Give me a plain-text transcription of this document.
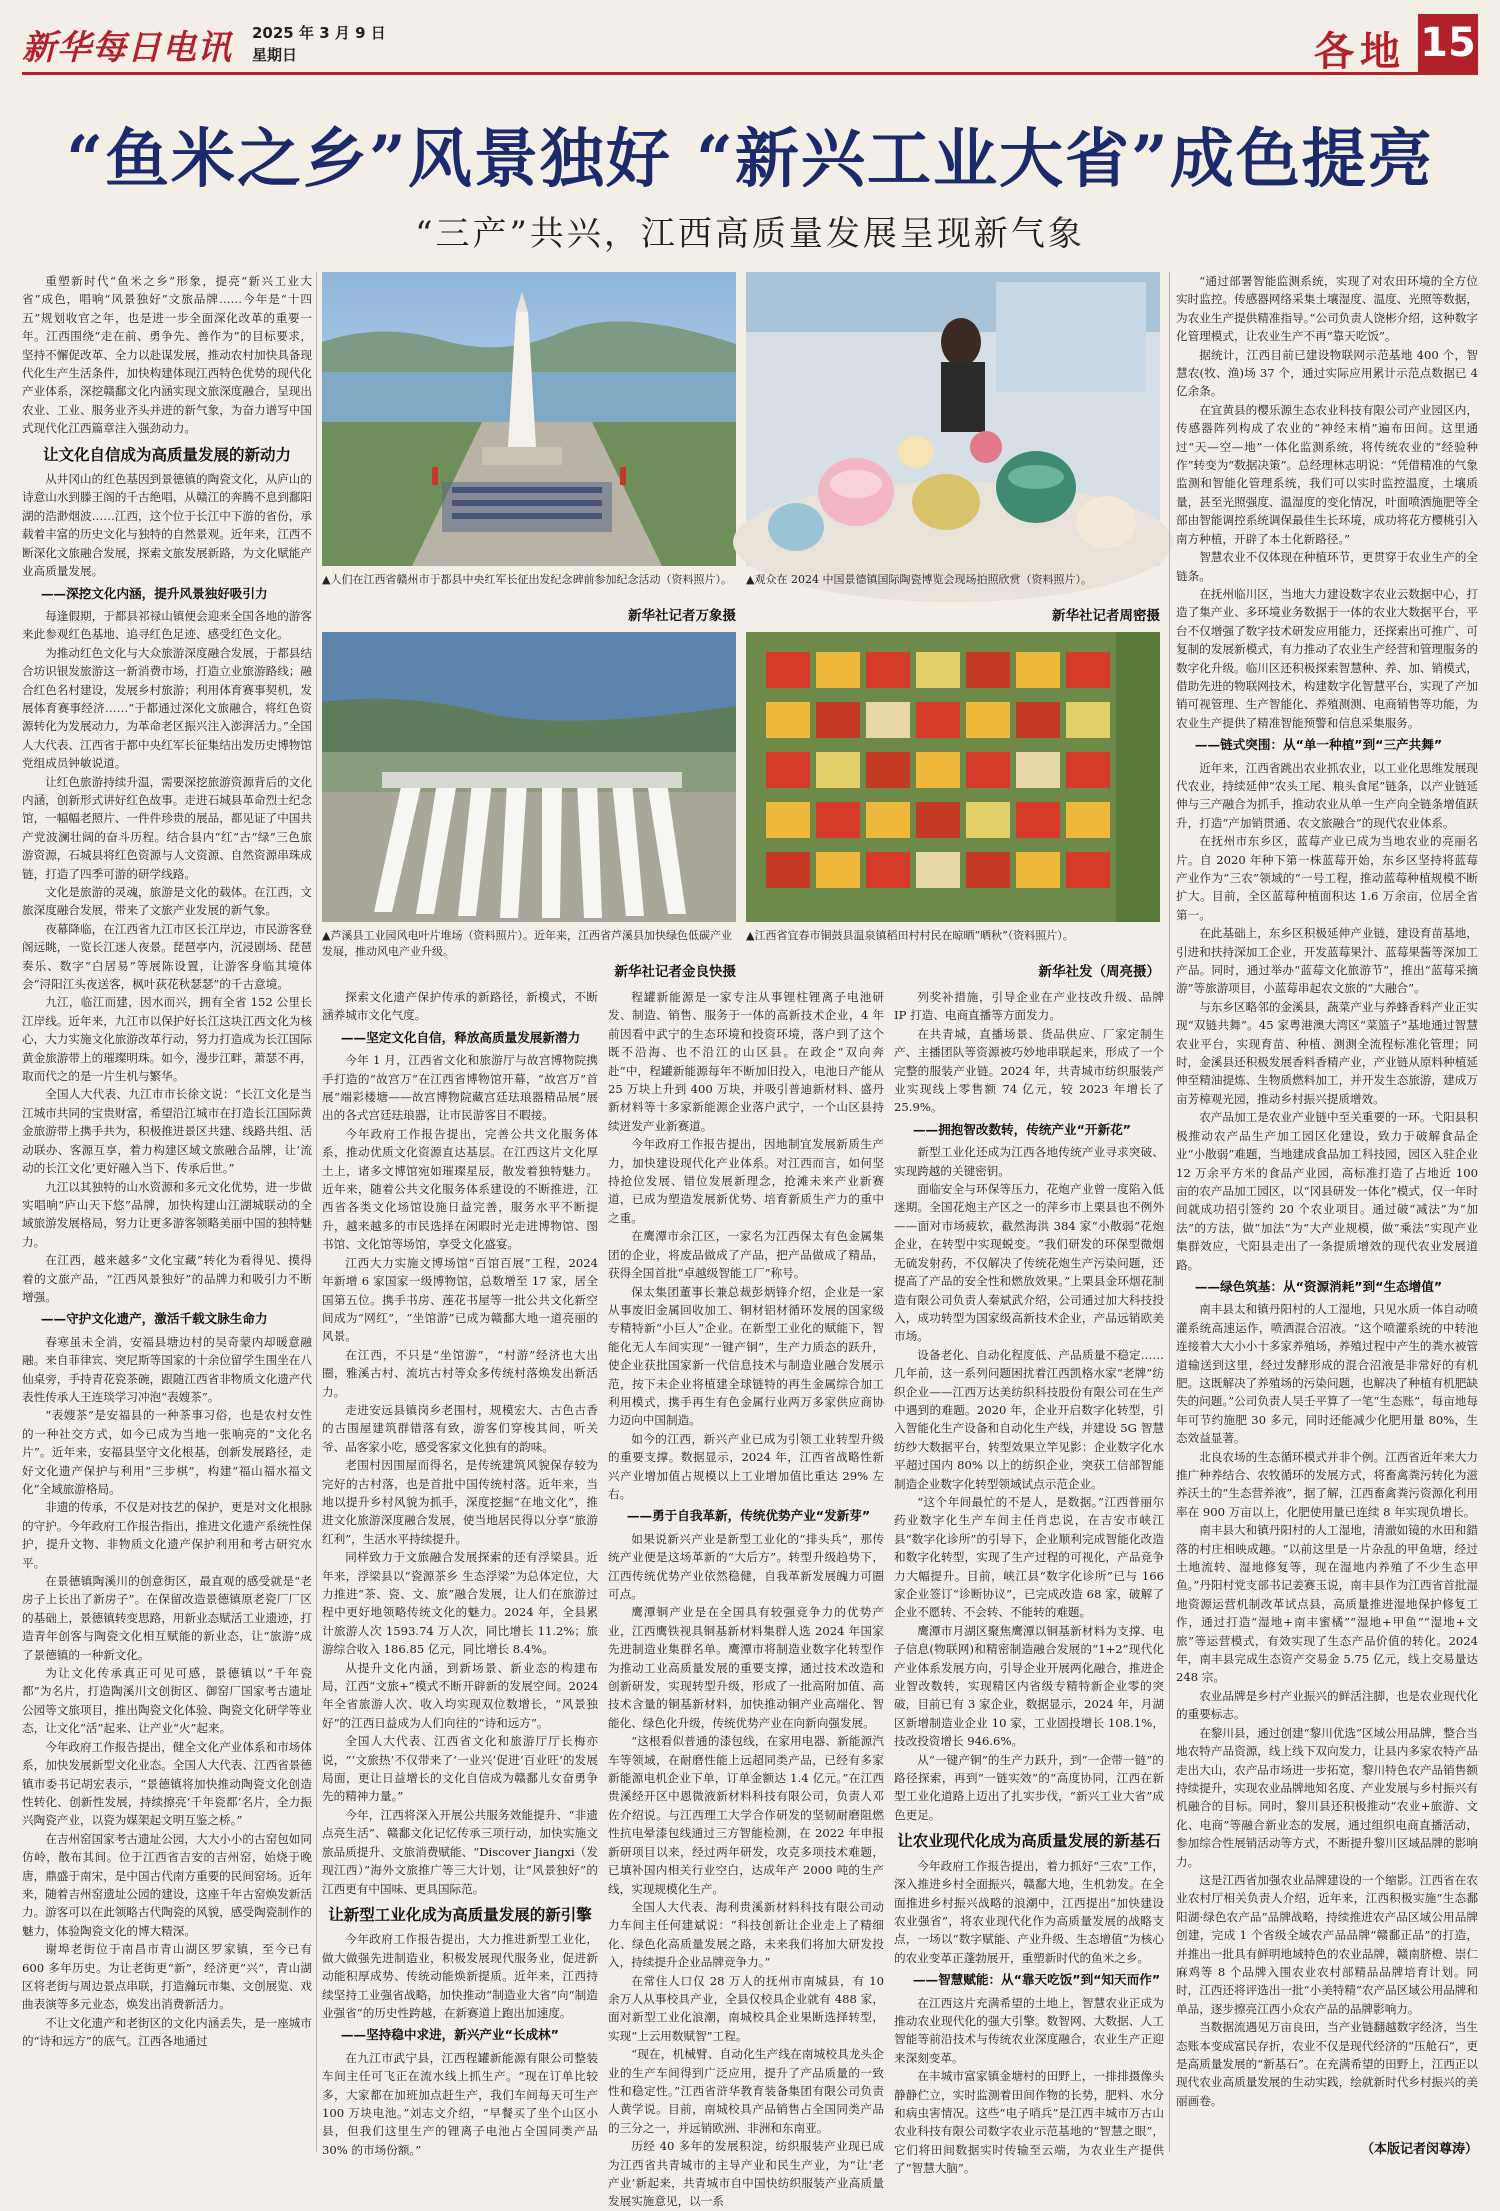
新华每日电讯 2025 年 3 月 9 日
星期日	各地 15
“鱼米之乡”风景独好 “新兴工业大省”成色提亮
“三产”共兴，江西高质量发展呈现新气象

重塑新时代“鱼米之乡”形象，提亮“新兴工业大省”成色，唱响“风景独好”文旅品牌……今年是“十四五”规划收官之年，也是进一步全面深化改革的重要一年。江西围绕“走在前、勇争先、善作为”的目标要求，坚持不懈促改革、全力以赴谋发展，推动农村加快具备现代化生产生活条件，加快构建体现江西特色优势的现代化产业体系，深挖赣鄱文化内涵实现文旅深度融合，呈现出农业、工业、服务业齐头并进的新气象，为奋力谱写中国式现代化江西篇章注入强劲动力。

让文化自信成为高质量发展的新动力

从井冈山的红色基因到景德镇的陶瓷文化，从庐山的诗意山水到滕王阁的千古绝唱，从赣江的奔腾不息到鄱阳湖的浩渺烟波……江西，这个位于长江中下游的省份，承载着丰富的历史文化与独特的自然景观。近年来，江西不断深化文旅融合发展，探索文旅发展新路，为文化赋能产业高质量发展。

——深挖文化内涵，提升风景独好吸引力

每逢假期，于都县祁禄山镇便会迎来全国各地的游客来此参观红色基地、追寻红色足迹、感受红色文化。

为推动红色文化与大众旅游深度融合发展，于都县结合坊识银发旅游这一新消费市场，打造立业旅游路线；融合红色名村建设，发展乡村旅游；利用体育赛事契机，发展体育赛事经济……“于都通过深化文旅融合，将红色资源转化为发展动力，为革命老区振兴注入澎湃活力。”全国人大代表、江西省于都中央红军长征集结出发历史博物馆党组成员钟敏说道。

让红色旅游持续升温，需要深挖旅游资源背后的文化内涵，创新形式讲好红色故事。走进石城县革命烈士纪念馆，一幅幅老照片、一件件珍贵的展品，都见证了中国共产党波澜壮阔的奋斗历程。结合县内“红”古“绿”三色旅游资源，石城县将红色资源与人文资源、自然资源串珠成链，打造了四季可游的研学线路。

文化是旅游的灵魂，旅游是文化的载体。在江西，文旅深度融合发展，带来了文旅产业发展的新气象。

夜幕降临，在江西省九江市区长江岸边，市民游客登阁远眺，一览长江迷人夜景。琵琶亭内，沉浸剧场、琵琶奏乐、数字“白居易”等展陈设置，让游客身临其境体会“浔阳江头夜送客，枫叶荻花秋瑟瑟”的千古意境。

九江，临江而建，因水而兴，拥有全省 152 公里长江岸线。近年来，九江市以保护好长江这块江西文化为核心，大力实施文化旅游改革行动，努力打造成为长江国际黄金旅游带上的璀璨明珠。如今，漫步江畔，萧瑟不再，取而代之的是一片生机与繁华。

全国人大代表、九江市市长徐文说：“长江文化是当江城市共同的宝贵财富，希望沿江城市在打造长江国际黄金旅游带上携手共为，积极推进景区共建、线路共组、活动联办、客源互享，着力构建区域文旅融合品牌，让‘流动的长江文化’更好融入当下、传承后世。”

九江以其独特的山水资源和多元文化优势，进一步做实唱响“庐山天下悠”品牌，加快构建山江湖城联动的全域旅游发展格局，努力让更多游客领略美丽中国的独特魅力。

在江西，越来越多“文化宝藏”转化为看得见、摸得着的文旅产品，“江西风景独好”的品牌力和吸引力不断增强。

——守护文化遗产，激活千载文脉生命力

春寒虽未全消，安福县塘边村的吴奇蒙内却暖意融融。来自菲律宾、突尼斯等国家的十余位留学生围坐在八仙桌旁，手持青花瓷茶碗，跟随江西省非物质文化遗产代表性传承人王连琰学习冲泡“表嫂茶”。

“表嫂茶”是安福县的一种茶事习俗，也是农村女性的一种社交方式，如今已成为当地一张响亮的“文化名片”。近年来，安福县坚守文化根基，创新发展路径，走好文化遗产保护与利用“三步棋”，构建“福山福水福文化”全域旅游格局。

非遗的传承，不仅是对技艺的保护，更是对文化根脉的守护。今年政府工作报告指出，推进文化遗产系统性保护，提升文物、非物质文化遗产保护利用和考古研究水平。

在景德镇陶溪川的创意街区，最直观的感受就是“老房子上长出了新房子”。在保留改造景德镇原老瓷厂厂区的基础上，景德镇转变思路，用新业态赋活工业遗迹，打造青年创客与陶瓷文化相互赋能的新业态，让“旅游”成了景德镇的一种新文化。

为让文化传承真正可见可感，景德镇以“千年瓷都”为名片，打造陶溪川文创街区、御窑厂国家考古遗址公园等文旅项目，推出陶瓷文化体验、陶瓷文化研学等业态，让文化“活”起来、让产业“火”起来。

今年政府工作报告提出，健全文化产业体系和市场体系，加快发展新型文化业态。全国人大代表、江西省景德镇市委书记胡宏表示，“景德镇将加快推动陶瓷文化创造性转化、创新性发展，持续擦亮‘千年瓷都’名片，全力振兴陶瓷产业，以瓷为媒架起文明互鉴之桥。”

在吉州窑国家考古遗址公园，大大小小的古窑包如同仿岭，散布其间。位于江西省吉安的吉州窑，始烧于晚唐，鼎盛于南宋，是中国古代南方重要的民间窑场。近年来，随着吉州窑遗址公园的建设，这座千年古窑焕发新活力。游客可以在此领略古代陶瓷的风貌，感受陶瓷制作的魅力，体验陶瓷文化的博大精深。

谢埠老街位于南昌市青山湖区罗家镇，至今已有 600 多年历史。为让老街更“新”，经济更“兴”，青山湖区将老街与周边景点串联，打造瀚玩市集、文创展览、戏曲表演等多元业态，焕发出消费新活力。

不让文化遗产和老街区的文化内涵丢失，是一座城市的“诗和远方”的底气。江西各地通过

▲人们在江西省赣州市于都县中央红军长征出发纪念碑前参加纪念活动（资料照片）。
新华社记者万象摄
▲观众在 2024 中国景德镇国际陶瓷博览会现场拍照欣赏（资料照片）。
新华社记者周密摄
▲芦溪县工业园风电叶片堆场（资料照片）。近年来，江西省芦溪县加快绿色低碳产业发展，推动风电产业升级。
新华社记者金良快摄
▲江西省宜春市铜鼓县温泉镇稻田村村民在晾晒“晒秋”（资料照片）。
新华社发（周亮摄）

探索文化遗产保护传承的新路径，新模式，不断涵养城市文化气度。

——坚定文化自信，释放高质量发展新潜力

今年 1 月，江西省文化和旅游厅与故宫博物院携手打造的“故宫万”在江西省博物馆开幕，“故宫万”首展“端彩楼塘——故宫博物院藏宫廷珐琅器精品展”展出的各式宫廷珐琅器，让市民游客目不暇接。

今年政府工作报告提出，完善公共文化服务体系，推动优质文化资源直达基层。在江西这片文化厚土上，诸多文博馆宛如璀璨星辰，散发着独特魅力。近年来，随着公共文化服务体系建设的不断推进，江西省各类文化场馆设施日益完善，服务水平不断提升，越来越多的市民选择在闲暇时光走进博物馆、图书馆、文化馆等场馆，享受文化盛宴。

江西大力实施文博场馆“百馆百展”工程，2024 年新增 6 家国家一级博物馆，总数增至 17 家，居全国第五位。携手书房、莲花书屋等一批公共文化新空间成为“网红”，“坐馆游”已成为赣鄱大地一道亮丽的风景。

在江西，不只是“坐馆游”，“村游”经济也大出圈，雅溪古村、流坑古村等众多传统村落焕发出新活力。

走进安远县镇岗乡老围村，规模宏大、古色古香的古围屋建筑群错落有致，游客们穿梭其间，听关爷、品客家小吃，感受客家文化独有的韵味。

老围村因围屋而得名，是传统建筑风貌保存较为完好的古村落，也是首批中国传统村落。近年来，当地以提升乡村风貌为抓手，深度挖掘“在地文化”，推进文化旅游深度融合发展，使当地居民得以分享“旅游红利”，生活水平持续提升。

同样致力于文旅融合发展探索的还有浮梁县。近年来，浮梁县以“瓷源茶乡 生态浮梁”为总体定位，大力推进“茶、瓷、文、旅”融合发展，让人们在旅游过程中更好地领略传统文化的魅力。2024 年，全县累计旅游人次 1593.74 万人次，同比增长 11.2%；旅游综合收入 186.85 亿元，同比增长 8.4%。

从提升文化内涵，到新场景、新业态的构建布局，江西“文旅+”模式不断开辟新的发展空间。2024 年全省旅游人次、收入均实现双位数增长，“风景独好”的江西日益成为人们向往的“诗和远方”。

全国人大代表、江西省文化和旅游厅厅长梅亦说，“‘文旅热’不仅带来了‘一业兴’促进‘百业旺’的发展局面，更让日益增长的文化自信成为赣鄱儿女奋勇争先的精神力量。”

今年，江西将深入开展公共服务效能提升、“非遗点亮生活”、赣鄱文化记忆传承三项行动，加快实施文旅品质提升、文旅消费赋能、“Discover Jiangxi（发现江西）”海外文旅推广等三大计划，让“风景独好”的江西更有中国味、更具国际范。

让新型工业化成为高质量发展的新引擎

今年政府工作报告提出，大力推进新型工业化，做大做强先进制造业，积极发展现代服务业，促进新动能积厚成势、传统动能焕新提质。近年来，江西持续坚持工业强省战略，加快推动“制造业大省”向“制造业强省”的历史性跨越，在新赛道上跑出加速度。

——坚持稳中求进，新兴产业“长成林”

在九江市武宁县，江西程罐新能源有限公司整装车间主任可飞正在流水线上抓生产。“现在订单比较多，大家都在加班加点赶生产，我们车间每天可生产 100 万块电池。”刘志文介绍，“早餐买了坐个山区小县，但我们这里生产的锂离子电池占全国同类产品 30% 的市场份额。”

程罐新能源是一家专注从事锂柱锂离子电池研发、制造、销售、服务于一体的高新技术企业，4 年前因看中武宁的生态环境和投资环境，落户到了这个既不沿海、也不沿江的山区县。在政企“双向奔赴”中，程罐新能源每年不断加旧投入，电池日产能从 25 万块上升到 400 万块，并吸引普迪新材料、盛丹新材料等十多家新能源企业落户武宁，一个山区县持续迸发产业新赛道。

今年政府工作报告提出，因地制宜发展新质生产力，加快建设现代化产业体系。对江西而言，如何坚持抢位发展、错位发展新理念，抢滩未来产业新赛道，已成为塑造发展新优势、培育新质生产力的重中之重。

在鹰潭市余江区，一家名为江西保太有色金属集团的企业，将废品做成了产品，把产品做成了精品，获得全国首批“卓越级智能工厂”称号。

保太集团董事长兼总裁彭炳锋介绍，企业是一家从事废旧金属回收加工、铜材铝材循环发展的国家级专精特新“小巨人”企业。在新型工业化的赋能下，智能化无人车间实现“一键产铜”，生产力质态的跃升，使企业获批国家新一代信息技术与制造业融合发展示范，按下未企业将植建全球链特的再生金属综合加工利用模式，携手再生有色金属行业两万多家供应商协力迈向中国制造。

如今的江西，新兴产业已成为引领工业转型升级的重要支撑。数据显示，2024 年，江西省战略性新兴产业增加值占规模以上工业增加值比重达 29% 左右。

——勇于自我革新，传统优势产业“发新芽”

如果说新兴产业是新型工业化的“排头兵”，那传统产业便是这场革新的“大后方”。转型升级趋势下，江西传统优势产业依然稳健，自我革新发展魄力可圈可点。

鹰潭铜产业是在全国具有较强竞争力的优势产业，江西鹰铁视具铜基新材料集群人选 2024 年国家先进制造业集群名单。鹰潭市将制造业数字化转型作为推动工业高质量发展的重要支撑，通过技术改造和创新研发，实现转型升级，形成了一批高附加值、高技术含量的铜基新材料，加快推动铜产业高端化、智能化、绿色化升级，传统优势产业在向新向强发展。

“这根看似普通的漆包线，在家用电器、新能源汽车等领域，在耐磨性能上远超同类产品，已经有多家新能源电机企业下单，订单金额达 1.4 亿元。”在江西贵溪经开区中恩微液新材料科技有限公司，负责人邓佐介绍说。与江西理工大学合作研发的坚韧耐磨阻燃性抗电晕漆包线通过三方智能检测，在 2022 年申报新研项目以来，经过两年研发，攻克多项技术难题，已填补国内相关行业空白，达成年产 2000 吨的生产线，实现规模化生产。

全国人大代表、海利贵溪新材料科技有限公司动力车间主任何建斌说：“科技创新让企业走上了精细化、绿色化高质量发展之路，未来我们将加大研发投入，持续提升企业品牌竞争力。”

在常住人口仅 28 万人的抚州市南城县，有 10 余万人从事校具产业，全县仅校具企业就有 488 家，面对新型工业化浪潮，南城校具企业果断选择转型，实现“上云用数赋智”工程。

“现在，机械臂、自动化生产线在南城校具龙头企业的生产车间得到广泛应用，提升了产品质量的一致性和稳定性。”江西省浒华教育装备集团有限公司负责人黄学说。目前，南城校具产品销售占全国同类产品的三分之一，并远销欧洲、非洲和东南亚。

历经 40 多年的发展积淀，纺织服装产业现已成为江西省共青城市的主导产业和民生产业，为“让‘老产业’新起来，共青城市自中国快纺织服装产业高质量发展实施意见，以一系

列奖补措施，引导企业在产业技改升级、品牌 IP 打造、电商直播等方面发力。

在共青城，直播场景、货品供应、厂家定制生产、主播团队等资源被巧妙地串联起来，形成了一个完整的服装产业链。2024 年，共青城市纺织服装产业实现线上零售额 74 亿元，较 2023 年增长了 25.9%。

——拥抱智改数转，传统产业“开新花”

新型工业化还成为江西各地传统产业寻求突破、实现跨越的关键密钥。

面临安全与环保等压力，花炮产业曾一度陷入低迷期。全国花炮主产区之一的萍乡市上栗县也不例外——面对市场疲软，截然海洪 384 家“小散弱”花炮企业，在转型中实现蜕变。“我们研发的环保型微烟无硫发射药，不仅解决了传统花炮生产污染问题，还提高了产品的安全性和燃放效果。”上栗县金环烟花制造有限公司负责人秦斌武介绍，公司通过加大科技投入，成功转型为国家级高新技术企业，产品远销欧美市场。

设备老化、自动化程度低、产品质量不稳定……几年前，这一系列问题困扰着江西凯格水家“老牌”纺织企业——江西万达美纺织科技股份有限公司在生产中遇到的难题。2020 年，企业开启数字化转型，引入智能化生产设备和自动化生产线，并建设 5G 智慧纺纱大数据平台，转型效果立竿见影：企业数字化水平超过国内 80% 以上的纺织企业，突获工信部智能制造企业数字化转型领域试点示范企业。

“这个年间最忙的不是人，是数据。”江西普丽尔药业数字化生产车间主任肖忠说，在吉安市峡江县“数字化诊所”的引导下，企业顺利完成智能化改造和数字化转型，实现了生产过程的可视化，产品竞争力大幅提升。目前，峡江县“数字化诊所”已与 166 家企业签订“诊断协议”，已完成改造 68 家，破解了企业不愿转、不会转、不能转的难题。

鹰潭市月湖区聚焦鹰潭以铜基新材料为支撑、电子信息(物联网)和精密制造融合发展的“1+2”现代化产业体系发展方向，引导企业开展两化融合，推进企业智改数转，实现精区内省级专精特新企业零的突破，目前已有 3 家企业，数据显示，2024 年，月湖区新增制造业企业 10 家，工业固投增长 108.1%，技改投资增长 946.6%。

从“一键产铜”的生产力跃升，到“一企带一链”的路径探索，再到“一链实效”的“高度协同，江西在新型工业化道路上迈出了扎实步伐，“新兴工业大省”成色更足。

让农业现代化成为高质量发展的新基石

今年政府工作报告提出，着力抓好“三农”工作，深入推进乡村全面振兴，赣鄱大地，生机勃发。在全面推进乡村振兴战略的浪潮中，江西提出“加快建设农业强省”，将农业现代化作为高质量发展的战略支点，一场以“数字赋能、产业升级、生态增值”为核心的农业变革正蓬勃展开，重塑新时代的鱼米之乡。

——智慧赋能：从“靠天吃饭”到“知天而作”

在江西这片充满希望的土地上，智慧农业正成为推动农业现代化的强大引擎。数智网、大数据、人工智能等前沿技术与传统农业深度融合，农业生产正迎来深刻变革。

在丰城市富家镇金塘村的田野上，一排排摄像头静静伫立，实时监测着田间作物的长势，肥料、水分和病虫害情况。这些“电子哨兵”是江西丰城市万古山农业科技有限公司数字农业示范基地的“智慧之眼”，它们将田间数据实时传输至云端，为农业生产提供了“智慧大脑”。

“通过部署智能监测系统，实现了对农田环境的全方位实时监控。传感器网络采集土壤湿度、温度、光照等数据，为农业生产提供精准指导。”公司负责人饶彬介绍，这种数字化管理模式，让农业生产不再“靠天吃饭”。

据统计，江西目前已建设物联网示范基地 400 个，智慧农(牧、渔)场 37 个，通过实际应用累计示范点数据已 4 亿余条。

在宜黄县的樱乐源生态农业科技有限公司产业园区内，传感器阵列构成了农业的“神经末梢”遍布田间。这里通过“天—空—地”一体化监测系统，将传统农业的“经验种作”转变为“数据决策”。总经理林志明说：“凭借精准的气象监测和智能化管理系统，我们可以实时监控温度，土壤质量，甚至光照强度、温湿度的变化情况，叶面喷洒施肥等全部由智能调控系统调保最佳生长环境，成功将花方樱桃引入南方种植，开辟了本土化新路径。”

智慧农业不仅体现在种植环节，更贯穿于农业生产的全链条。

在抚州临川区，当地大力建设数字农业云数据中心，打造了集产业、多环境业务数据于一体的农业大数据平台，平台不仅增强了数字技术研发应用能力，还探索出可推广、可复制的发展新模式，有力推动了农业生产经营和管理服务的数字化升级。临川区还积极探索智慧种、养、加、销模式，借助先进的物联网技术，构建数字化智慧平台，实现了产加销可视管理、生产智能化、养殖测测、电商销售等功能，为农业生产提供了精准智能预警和信息采集服务。

——链式突围：从“单一种植”到“三产共舞”

近年来，江西省跳出农业抓农业，以工业化思维发展现代农业，持续延伸“农头工尾、粮头食尾”链条，以产业链延伸与三产融合为抓手，推动农业从单一生产向全链条增值跃升，打造“产加销贯通、农文旅融合”的现代农业体系。

在抚州市东乡区，蓝莓产业已成为当地农业的亮丽名片。自 2020 年种下第一株蓝莓开始，东乡区坚持将蓝莓产业作为“三农”领域的“一号工程，推动蓝莓种植规模不断扩大。目前，全区蓝莓种植面积达 1.6 万余亩，位居全省第一。

在此基础上，东乡区积极延伸产业链，建设育苗基地，引进和扶持深加工企业，开发蓝莓果汁、蓝莓果酱等深加工产品。同时，通过举办“蓝莓文化旅游节”，推出“蓝莓采摘游”等旅游项目，小蓝莓串起农文旅的“大融合”。

与东乡区略邻的金溪县，蔬菜产业与养蜂香料产业正实现“双链共舞”。45 家粤港澳大湾区“菜篮子”基地通过智慧农业平台，实现育苗、种植、测测全流程标准化管理；同时，金溪县还积极发展香料香精产业，产业链从原料种植延伸至精油提炼、生物质燃料加工，并开发生态旅游，建成万亩芳樟观光园，推动乡村振兴提质增效。

农产品加工是农业产业链中至关重要的一环。弋阳县积极推动农产品生产加工园区化建设，致力于破解食品企业“小散弱”难题，当地建成食品加工科技园，园区入驻企业 12 万余平方米的食品产业园，高标准打造了占地近 100 亩的农产品加工园区，以“冈县研发一体化”模式，仅一年时间就成功招引签约 20 个农业项目。通过破“减法”为“加法”的方法，做“加法”为“大产业规模，做“乘法”实现产业集群效应，弋阳县走出了一条提质增效的现代农业发展道路。

——绿色筑基：从“资源消耗”到“生态增值”

南丰县太和镇丹阳村的人工湿地，只见水质一体自动喷灌系统高速运作，喷洒混合沼液。“这个喷灌系统的中转池连接着大大小小十多家养殖场，养殖过程中产生的粪水被管道输送到这里，经过发酵形成的混合沼液是非常好的有机肥。这既解决了养殖场的污染问题，也解决了种植有机肥缺失的问题。”公司负责人吴壬平算了一笔“生态账”，每亩地每年可节约施肥 30 多元，同时还能减少化肥用量 80%，生态效益显著。

北良农场的生态循环模式并非个例。江西省近年来大力推广种养结合、农牧循环的发展方式，将畜禽粪污转化为滋养沃土的“生态营养液”，据了解，江西畜禽粪污资源化利用率在 900 万亩以上，化肥使用量已连续 8 年实现负增长。

南丰县大和镇丹阳村的人工湿地，清澈如镜的水田和錯落的村庄相映成趣。“以前这里是一片杂乱的甲鱼塘，经过土地流转、湿地修复等，现在湿地内养殖了不少生态甲鱼。”丹阳村党支部书记姜赛玉说，南丰县作为江西省首批湿地资源运营机制改革试点县，高质量推进湿地保护修复工作，通过打造“湿地+南丰蜜橘”“湿地+甲鱼”“湿地+文旅”等运营模式，有效实现了生态产品价值的转化。2024 年，南丰县完成生态资产交易金 5.75 亿元，线上交易量达 248 宗。

农业品牌是乡村产业振兴的鲜活注脚，也是农业现代化的重要标志。

在黎川县，通过创建“黎川优选”区域公用品牌，整合当地农特产品资源，线上线下双向发力，让县内多家农特产品走出大山，农产品市场进一步拓宽，黎川特色农产品销售额持续提升，实现农业品牌地知名度、产业发展与乡村振兴有机融合的目标。同时，黎川县还积极推动“农业+旅游、文化、电商”等融合新业态的发展，通过组织电商直播活动，参加综合性展销活动等方式，不断提升黎川区域品牌的影响力。

这是江西省加强农业品牌建设的一个缩影。江西省在农业农村厅相关负责人介绍，近年来，江西积极实施“生态鄱阳湖·绿色农产品”品牌战略，持续推进农产品区域公用品牌创建，完成 1 个省级全域农产品品牌“赣鄱正品”的打造，并推出一批具有鲜明地域特色的农业品牌，赣南脐橙、崇仁麻鸡等 8 个品牌入围农业农村部精品品牌培育计划。同时，江西还将评选出一批“小美特精”农产品区域公用品牌和单品，逐步擦亮江西小众农产品的品牌影响力。

当数据流遇见万亩良田，当产业链翻越数字经济，当生态账本变成富民存折，农业不仅是现代经济的“压舱石”，更是高质量发展的“新基石”。在充满希望的田野上，江西正以现代农业高质量发展的生动实践，绘就新时代乡村振兴的美丽画卷。

（本版记者闵尊涛）
